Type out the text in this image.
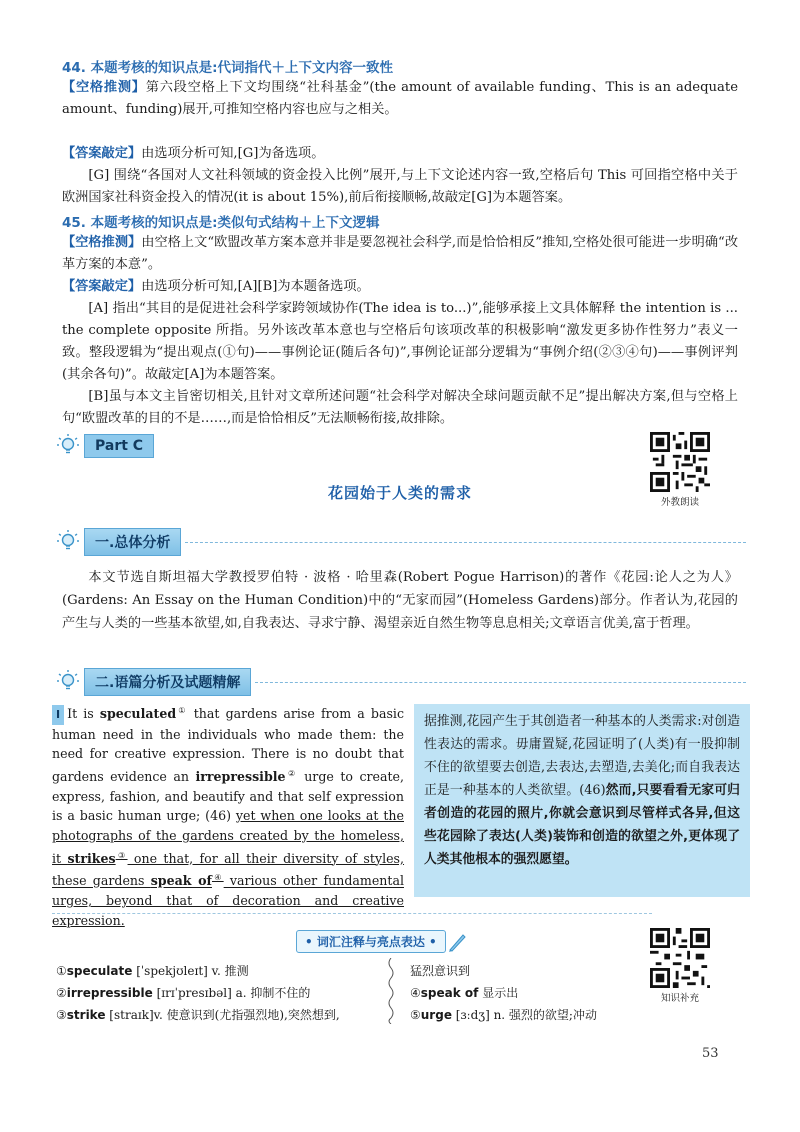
44. 本题考核的知识点是:代词指代＋上下文内容一致性
【空格推测】第六段空格上下文均围绕“社科基金”(the amount of available funding、This is an adequate amount、funding)展开,可推知空格内容也应与之相关。
【答案敲定】由选项分析可知,[G]为备选项。
[G] 围绕“各国对人文社科领域的资金投入比例”展开,与上下文论述内容一致,空格后句 This 可回指空格中关于欧洲国家社科资金投入的情况(it is about 15%),前后衔接顺畅,故敲定[G]为本题答案。
45. 本题考核的知识点是:类似句式结构＋上下文逻辑
【空格推测】由空格上文“欧盟改革方案本意并非是要忽视社会科学,而是恰恰相反”推知,空格处很可能进一步明确“改革方案的本意”。
【答案敲定】由选项分析可知,[A][B]为本题备选项。
[A] 指出“其目的是促进社会科学家跨领域协作(The idea is to...)”,能够承接上文具体解释 the intention is ... the complete opposite 所指。另外该改革本意也与空格后句该项改革的积极影响“激发更多协作性努力”表义一致。整段逻辑为“提出观点(①句)——事例论证(随后各句)”,事例论证部分逻辑为“事例介绍(②③④句)——事例评判(其余各句)”。故敲定[A]为本题答案。
[B]虽与本文主旨密切相关,且针对文章所述问题“社会科学对解决全球问题贡献不足”提出解决方案,但与空格上句“欧盟改革的目的不是……,而是恰恰相反”无法顺畅衔接,故排除。
Part C
外教朗读
花园始于人类的需求
一.总体分析
本文节选自斯坦福大学教授罗伯特 · 波格 · 哈里森(Robert Pogue Harrison)的著作《花园:论人之为人》(Gardens: An Essay on the Human Condition)中的“无家而园”(Homeless Gardens)部分。作者认为,花园的产生与人类的一些基本欲望,如,自我表达、寻求宁静、渴望亲近自然生物等息息相关;文章语言优美,富于哲理。
二.语篇分析及试题精解
I It is speculated① that gardens arise from a basic human need in the individuals who made them: the need for creative expression. There is no doubt that gardens evidence an irrepressible② urge to create, express, fashion, and beautify and that self expression is a basic human urge; (46) yet when one looks at the photographs of the gardens created by the homeless, it strikes③ one that, for all their diversity of styles, these gardens speak of④ various other fundamental urges, beyond that of decoration and creative expression.
据推测,花园产生于其创造者一种基本的人类需求:对创造性表达的需求。毋庸置疑,花园证明了(人类)有一股抑制不住的欲望要去创造,去表达,去塑造,去美化;而自我表达正是一种基本的人类欲望。(46)然而,只要看看无家可归者创造的花园的照片,你就会意识到尽管样式各异,但这些花园除了表达(人类)装饰和创造的欲望之外,更体现了人类其他根本的强烈愿望。
• 词汇注释与亮点表达 •
知识补充
①speculate [ˈspekjʊleɪt] v. 推测
②irrepressible [ɪrɪˈpresɪbəl] a. 抑制不住的
③strike [straɪk]v. 使意识到(尤指强烈地),突然想到,
猛烈意识到
④speak of 显示出
⑤urge [ɜːdʒ] n. 强烈的欲望;冲动
53
